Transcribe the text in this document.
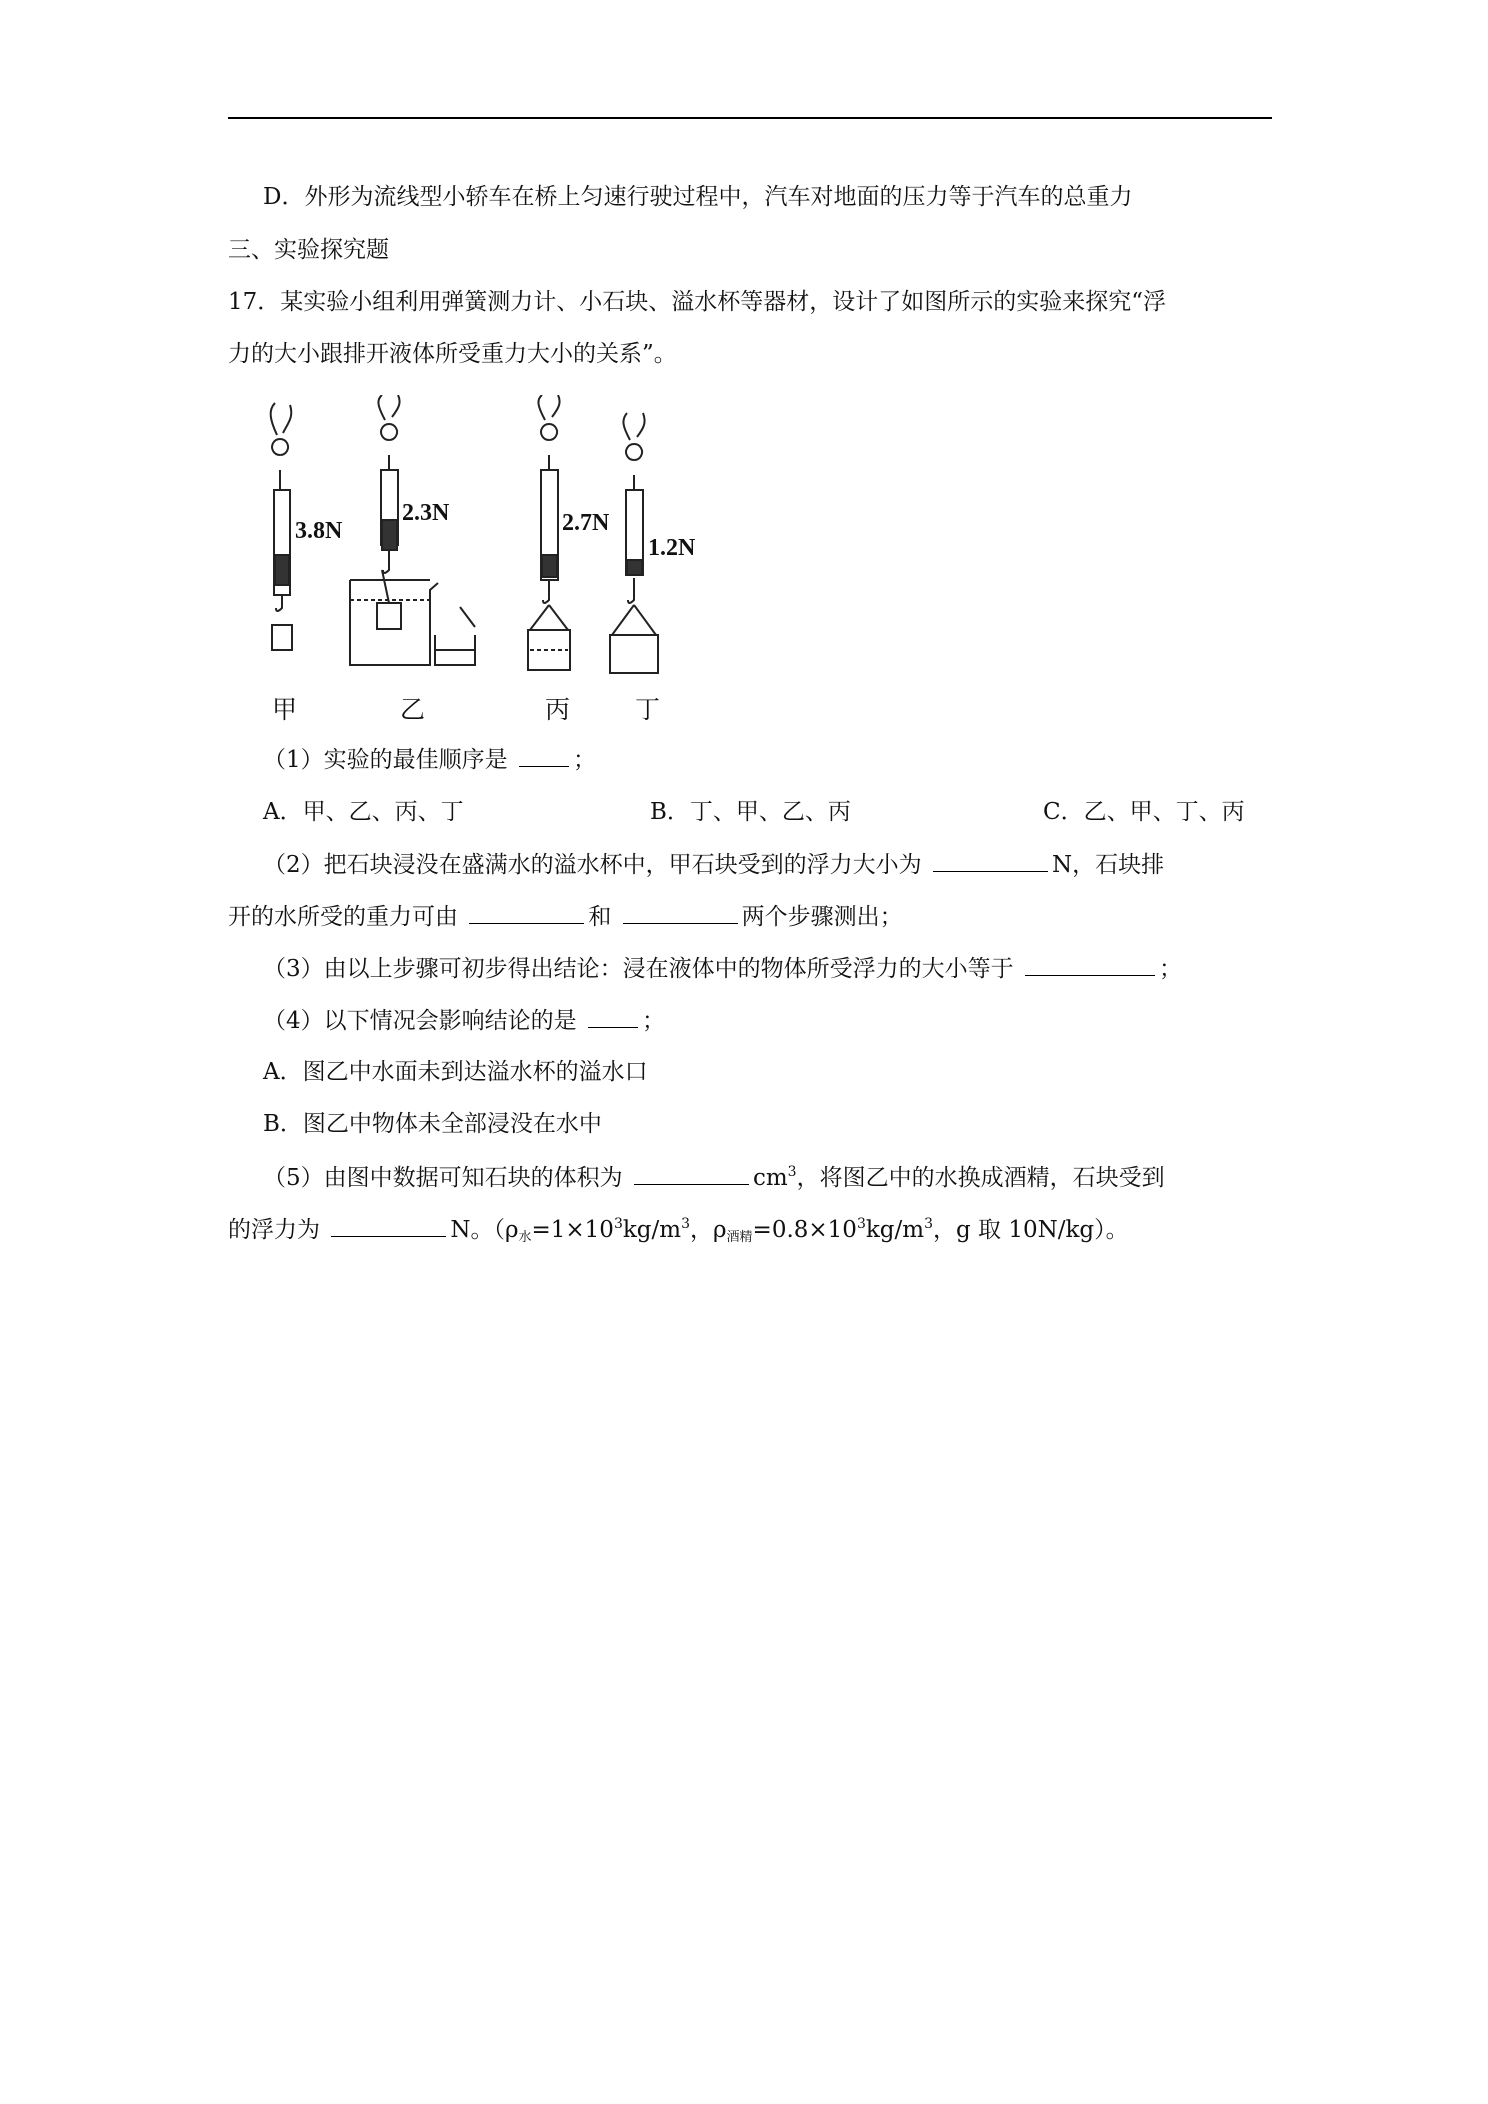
D．外形为流线型小轿车在桥上匀速行驶过程中，汽车对地面的压力等于汽车的总重力
三、实验探究题
17．某实验小组利用弹簧测力计、小石块、溢水杯等器材，设计了如图所示的实验来探究“浮
力的大小跟排开液体所受重力大小的关系”。
3.8N
2.3N	2.7N
1.2N
甲	乙	丙	丁
（1）实验的最佳顺序是	；
A．甲、乙、丙、丁	B．丁、甲、乙、丙	C．乙、甲、丁、丙
（2）把石块浸没在盛满水的溢水杯中，甲石块受到的浮力大小为	N，石块排
开的水所受的重力可由	和	两个步骤测出；
（3）由以上步骤可初步得出结论：浸在液体中的物体所受浮力的大小等于	；
（4）以下情况会影响结论的是	；
A．图乙中水面未到达溢水杯的溢水口
B．图乙中物体未全部浸没在水中
（5）由图中数据可知石块的体积为	$cm^3$，将图乙中的水换成酒精，石块受到
的浮力为	N。（$\rho_水=1\times 10^3kg/m^3$，$\rho_{酒精}=0.8\times 10^3kg/m^3$，g 取 10N/kg）。
